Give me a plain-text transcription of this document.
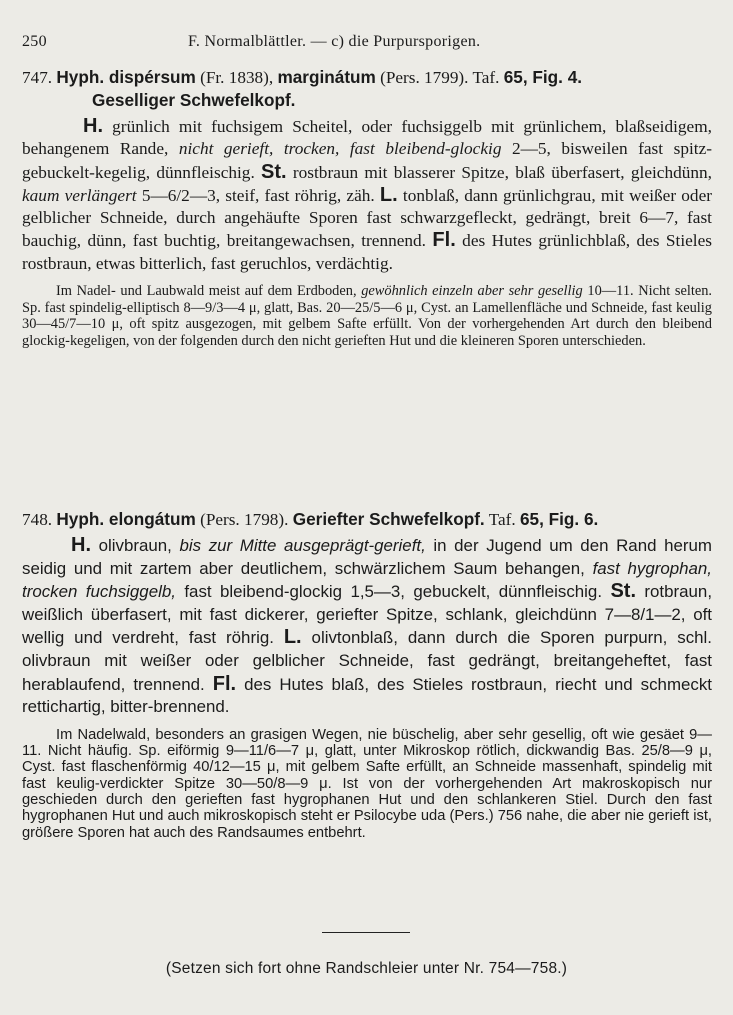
250	F. Normalblättler. — c) die Purpursporigen.
747. Hyph. dispérsum (Fr. 1838), marginátum (Pers. 1799). Taf. 65, Fig. 4.
Geselliger Schwefelkopf.
H. grünlich mit fuchsigem Scheitel, oder fuchsiggelb mit grünlichem, blaßseidigem, behangenem Rande, nicht gerieft, trocken, fast bleibend-glockig 2—5, bisweilen fast spitz-gebuckelt-kegelig, dünnfleischig. St. rostbraun mit blasserer Spitze, blaß überfasert, gleichdünn, kaum verlängert 5—6/2—3, steif, fast röhrig, zäh. L. tonblaß, dann grünlichgrau, mit weißer oder gelblicher Schneide, durch angehäufte Sporen fast schwarzgefleckt, gedrängt, breit 6—7, fast bauchig, dünn, fast buchtig, breitangewachsen, trennend. Fl. des Hutes grünlichblaß, des Stieles rostbraun, etwas bitterlich, fast geruchlos, verdächtig.
Im Nadel- und Laubwald meist auf dem Erdboden, gewöhnlich einzeln aber sehr gesellig 10—11. Nicht selten. Sp. fast spindelig-elliptisch 8—9/3—4 μ, glatt, Bas. 20—25/5—6 μ, Cyst. an Lamellenfläche und Schneide, fast keulig 30—45/7—10 μ, oft spitz ausgezogen, mit gelbem Safte erfüllt. Von der vorhergehenden Art durch den bleibend glockig-kegeligen, von der folgenden durch den nicht gerieften Hut und die kleineren Sporen unterschieden.
748. Hyph. elongátum (Pers. 1798). Geriefter Schwefelkopf. Taf. 65, Fig. 6.
H. olivbraun, bis zur Mitte ausgeprägt-gerieft, in der Jugend um den Rand herum seidig und mit zartem aber deutlichem, schwärzlichem Saum behangen, fast hygrophan, trocken fuchsiggelb, fast bleibend-glockig 1,5—3, gebuckelt, dünnfleischig. St. rotbraun, weißlich überfasert, mit fast dickerer, geriefter Spitze, schlank, gleichdünn 7—8/1—2, oft wellig und verdreht, fast röhrig. L. olivtonblaß, dann durch die Sporen purpurn, schl. olivbraun mit weißer oder gelblicher Schneide, fast gedrängt, breitangeheftet, fast herablaufend, trennend. Fl. des Hutes blaß, des Stieles rostbraun, riecht und schmeckt rettichartig, bitter-brennend.
Im Nadelwald, besonders an grasigen Wegen, nie büschelig, aber sehr gesellig, oft wie gesäet 9—11. Nicht häufig. Sp. eiförmig 9—11/6—7 μ, glatt, unter Mikroskop rötlich, dickwandig Bas. 25/8—9 μ, Cyst. fast flaschenförmig 40/12—15 μ, mit gelbem Safte erfüllt, an Schneide massenhaft, spindelig mit fast keulig-verdickter Spitze 30—50/8—9 μ. Ist von der vorhergehenden Art makroskopisch nur geschieden durch den gerieften fast hygrophanen Hut und den schlankeren Stiel. Durch den fast hygrophanen Hut und auch mikroskopisch steht er Psilocybe uda (Pers.) 756 nahe, die aber nie gerieft ist, größere Sporen hat auch des Randsaumes entbehrt.
(Setzen sich fort ohne Randschleier unter Nr. 754—758.)
